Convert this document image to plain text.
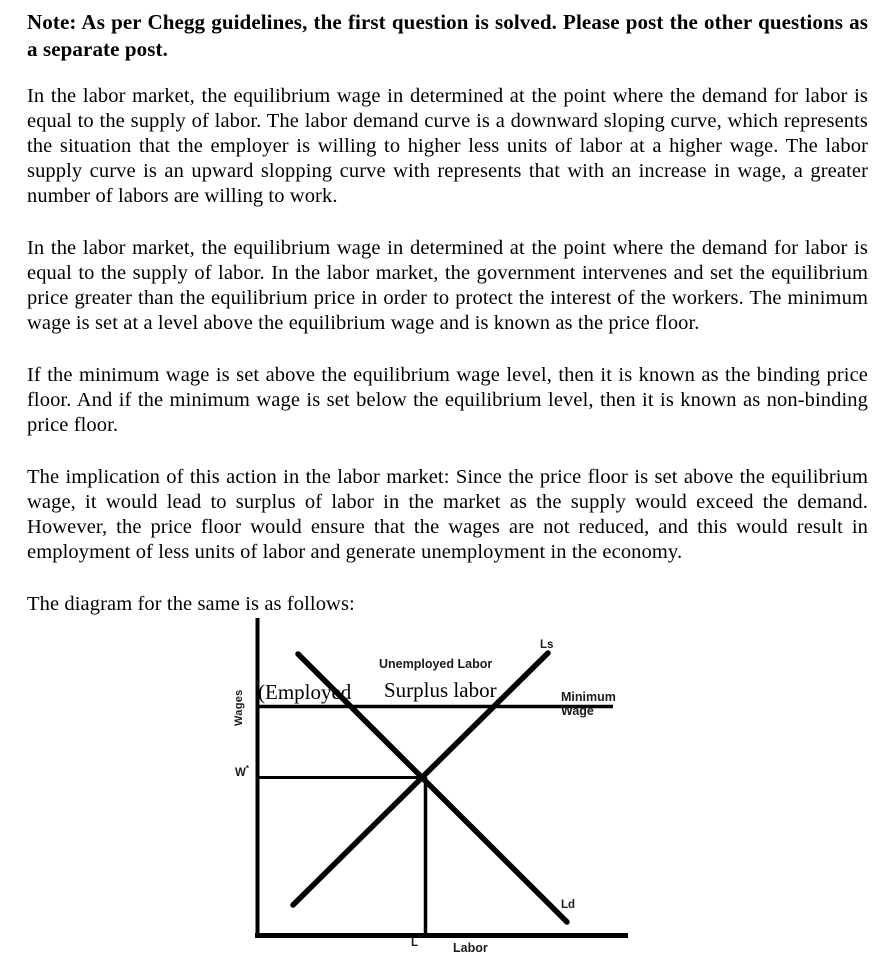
Note: As per Chegg guidelines, the first question is solved. Please post the other questions as a separate post.

In the labor market, the equilibrium wage in determined at the point where the demand for labor is equal to the supply of labor. The labor demand curve is a downward sloping curve, which represents the situation that the employer is willing to higher less units of labor at a higher wage. The labor supply curve is an upward slopping curve with represents that with an increase in wage, a greater number of labors are willing to work.

In the labor market, the equilibrium wage in determined at the point where the demand for labor is equal to the supply of labor. In the labor market, the government intervenes and set the equilibrium price greater than the equilibrium price in order to protect the interest of the workers. The minimum wage is set at a level above the equilibrium wage and is known as the price floor.

If the minimum wage is set above the equilibrium wage level, then it is known as the binding price floor. And if the minimum wage is set below the equilibrium level, then it is known as non-binding price floor.

The implication of this action in the labor market: Since the price floor is set above the equilibrium wage, it would lead to surplus of labor in the market as the supply would exceed the demand. However, the price floor would ensure that the wages are not reduced, and this would result in employment of less units of labor and generate unemployment in the economy.

The diagram for the same is as follows:

Wages
Unemployed Labor
(Employed Surplus labor
Ls
Minimum
Wage
W*
L*
Labor
Ld
